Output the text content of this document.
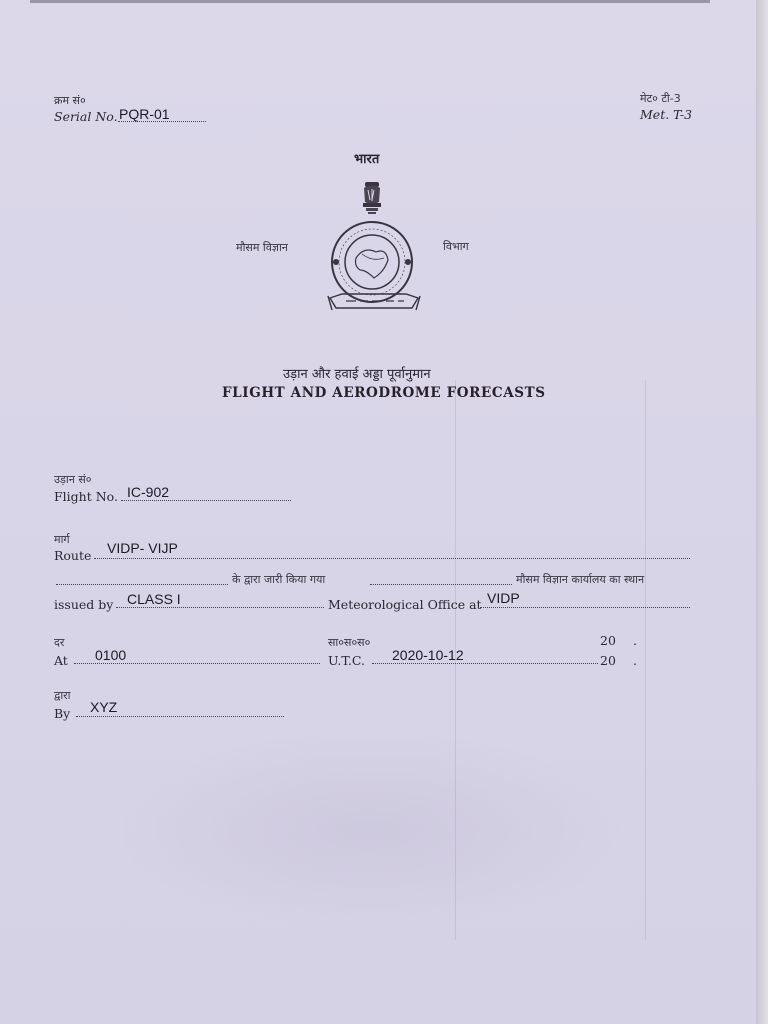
क्रम सं०
Serial No. PQR-01
मेट० टी-3
Met. T-3
भारत
मौसम विज्ञान	विभाग
उड़ान और हवाई अड्डा पूर्वानुमान
FLIGHT AND AERODROME FORECASTS
उड़ान सं०
Flight No. IC-902
मार्ग
Route VIDP- VIJP
के द्वारा जारी किया गया	मौसम विज्ञान कार्यालय का स्थान
issued by CLASS I	Meteorological Office at VIDP
दर	सा०स०स०	20 .
At 0100	U.T.C. 2020-10-12	20 .
द्वारा
By XYZ
